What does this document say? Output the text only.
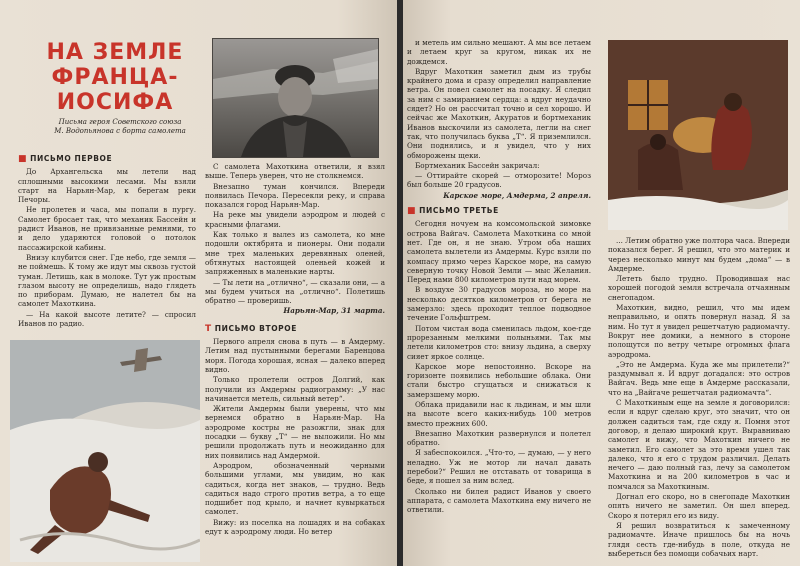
НА ЗЕМЛЕ
ФРАНЦА-
ИОСИФА
Письма героя Советского союза
М. Водопьянова с борта самолета
■ ПИСЬМО ПЕРВОЕ

До Архангельска мы летели над сплошными высокими лесами. Мы взяли старт на Нарьян-Мар, к берегам реки Печоры.

Не пролетев и часа, мы попали в пургу. Самолет бросает так, что механик Бассейн и радист Иванов, не привязанные ремнями, то и дело ударяются головой о потолок пассажирской кабины.

Внизу клубится снег. Где небо, где земля — не поймешь. К тому же идут мы сквозь густой туман. Летишь, как в молоке. Тут уж простым глазом высоту не определишь, надо глядеть по приборам. Думаю, не налетел бы на самолет Махоткина.

— На какой высоте летите? — спросил Иванов по радио.

С самолета Махоткина ответили, я взял выше. Теперь уверен, что не столкнемся.

Внезапно туман кончился. Впереди появилась Печора. Пересекли реку, и справа показался город Нарьян-Мар.

На реке мы увидели аэродром и людей с красными флагами.

Как только я вылез из самолета, ко мне подошли октябрята и пионеры. Они подали мне трех маленьких деревянных оленей, обтянутых настоящей оленьей кожей и запряженных в маленькие нарты.

— Ты лети на „отлично“, — сказали они, — а мы будем учиться на „отлично“. Полетишь обратно — проверишь.

Нарьян-Мар, 31 марта.

T ПИСЬМО ВТОРОЕ

Первого апреля снова в путь — в Амдерму. Летим над пустынными берегами Баренцова моря. Погода хорошая, ясная — далеко вперед видно.

Только пролетели остров Долгий, как получили из Амдермы радиограмму: „У нас начинается метель, сильный ветер“.

Жители Амдермы были уверены, что мы вернемся обратно в Нарьян-Мар. На аэродроме костры не разожгли, знак для посадки — букву „Т“ — не выложили. Но мы решили продолжать путь и неожиданно для них появились над Амдермой.

Аэродром, обозначенный черными большими углами, мы увидим, но как садиться, когда нет знаков, — трудно. Ведь садиться надо строго против ветра, а то еще подшибет под крыло, и начнет кувыркаться самолет.

Вижу: из поселка на лошадях и на собаках едут к аэродрому люди. Но ветер

и метель им сильно мешают. А мы все летаем и летаем круг за кругом, никак их не дождемся.

Вдруг Махоткин заметил дым из трубы крайнего дома и сразу определил направление ветра. Он повел самолет на посадку. Я следил за ним с замиранием сердца: а вдруг неудачно сядет? Но он рассчитал точно и сел хорошо. И сейчас же Махоткин, Акуратов и бортмеханик Иванов выскочили из самолета, легли на снег так, что получилась буква „Т“. Я приземлился. Они поднялись, и я увидел, что у них обморожены щеки.

Бортмеханик Бассейн закричал:

— Оттирайте скорей — отморозите! Мороз был больше 20 градусов.

Карское море, Амдерма, 2 апреля.

■ ПИСЬМО ТРЕТЬЕ

Сегодня ночуем на комсомольской зимовке острова Вайгач. Самолета Махоткина со мной нет. Где он, я не знаю. Утром оба наших самолета вылетели из Амдермы. Курс взяли по компасу прямо через Карское море, на самую северную точку Новой Земли — мыс Желания. Перед нами 800 километров пути над морем.

В воздухе 30 градусов мороза, но море на несколько десятков километров от берега не замерзло: здесь проходит теплое подводное течение Гольфштрем.

Потом чистая вода сменилась льдом, кое-где прорезанным мелкими полыньями. Так мы летели километров сто: внизу льдина, а сверху сияет яркое солнце.

Карское море непостоянно. Вскоре на горизонте появились небольшие облака. Они стали быстро сгущаться и снижаться к замерзшему морю.

Облака придавили нас к льдинам, и мы шли на высоте всего каких-нибудь 100 метров вместо прежних 600.

Внезапно Махоткин развернулся и полетел обратно.

Я забеспокоился. „Что-то, — думаю, — у него неладно. Уж не мотор ли начал давать перебои?“ Решил не отставать от товарища в беде, я пошел за ним вслед.

Сколько ни билея радист Иванов у своего аппарата, с самолета Махоткина ему ничего не ответили.

... Летим обратно уже полтора часа. Впереди показался берег. Я решил, что это материк и через несколько минут мы будем „дома“ — в Амдерме.

Лететь было трудно. Проводившая нас хорошей погодой земля встречала отчаянным снегопадом.

Махоткин, видно, решил, что мы идем неправильно, и опять повернул назад. Я за ним. Но тут я увидел решетчатую радиомачту. Вокруг нее домики, а немного в стороне полощутся по ветру четыре огромных флага аэродрома.

„Это не Амдерма. Куда же мы прилетели?“ раздумывал я. И вдруг догадался: это остров Вайгач. Ведь мне еще в Амдерме рассказали, что на „Вайгаче решетчатая радиомачта“.

С Махоткиным еще на земле я договорился: если я вдруг сделаю круг, это значит, что он должен садиться там, где сяду я. Помня этот договор, я делаю широкий крут. Выравниваю самолет и вижу, что Махоткин ничего не заметил. Его самолет за это время ушел так далеко, что я его с трудом различил. Делать нечего — даю полный газ, лечу за самолетом Махоткина и на 200 километров в час и помчался за Махоткиным.

Догнал его скоро, но в снегопаде Махоткин опять ничего не заметил. Он шел вперед. Скоро я потерял его из виду.

Я решил возвратиться к замеченному радиомачте. Иначе пришлось бы на ночь глядя сесть где-нибудь в поле, откуда не выбереться без помощи собачьих нарт.
